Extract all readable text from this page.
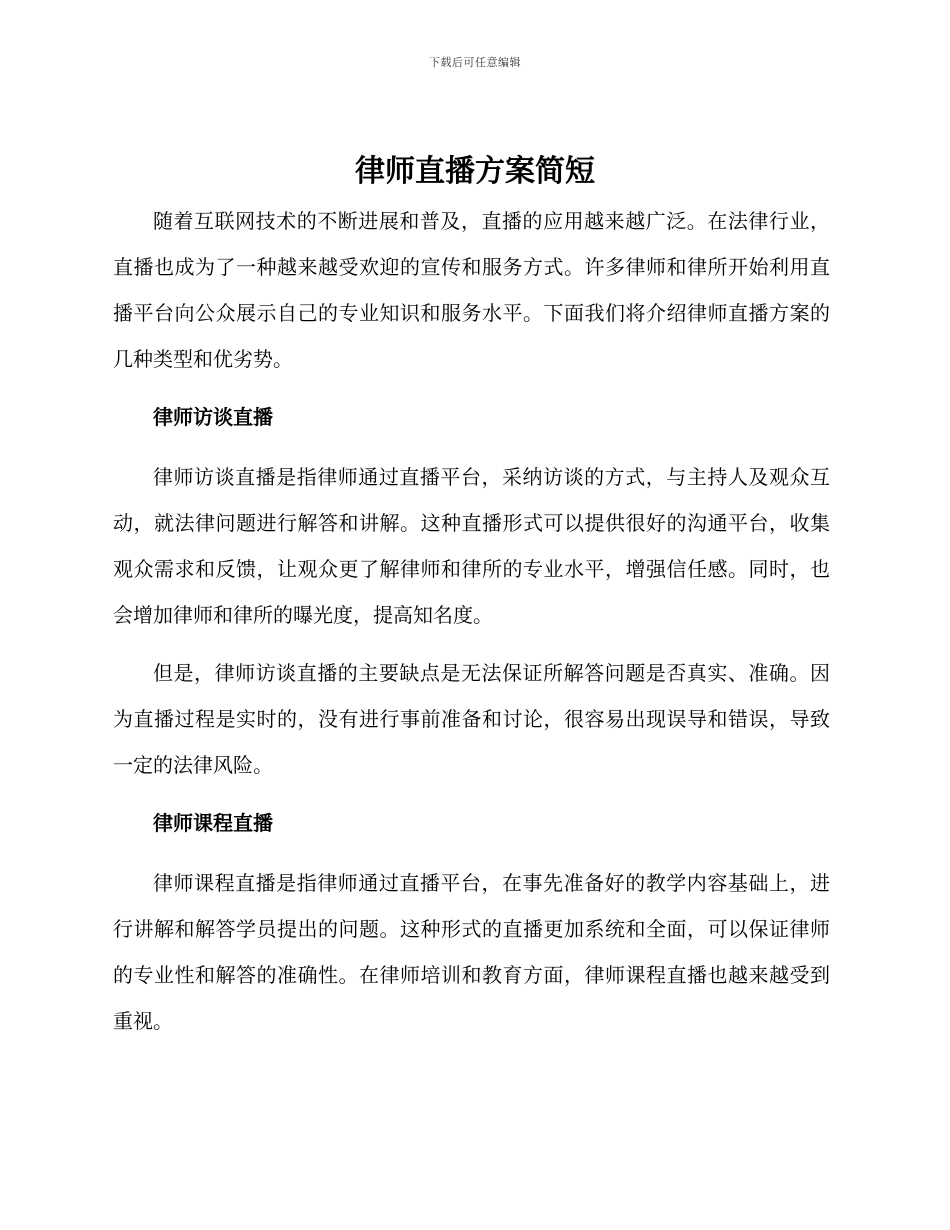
下载后可任意编辑
律师直播方案简短

随着互联网技术的不断进展和普及，直播的应用越来越广泛。在法律行业，直播也成为了一种越来越受欢迎的宣传和服务方式。许多律师和律所开始利用直播平台向公众展示自己的专业知识和服务水平。下面我们将介绍律师直播方案的几种类型和优劣势。

律师访谈直播

律师访谈直播是指律师通过直播平台，采纳访谈的方式，与主持人及观众互动，就法律问题进行解答和讲解。这种直播形式可以提供很好的沟通平台，收集观众需求和反馈，让观众更了解律师和律所的专业水平，增强信任感。同时，也会增加律师和律所的曝光度，提高知名度。

但是，律师访谈直播的主要缺点是无法保证所解答问题是否真实、准确。因为直播过程是实时的，没有进行事前准备和讨论，很容易出现误导和错误，导致一定的法律风险。

律师课程直播

律师课程直播是指律师通过直播平台，在事先准备好的教学内容基础上，进行讲解和解答学员提出的问题。这种形式的直播更加系统和全面，可以保证律师的专业性和解答的准确性。在律师培训和教育方面，律师课程直播也越来越受到重视。
